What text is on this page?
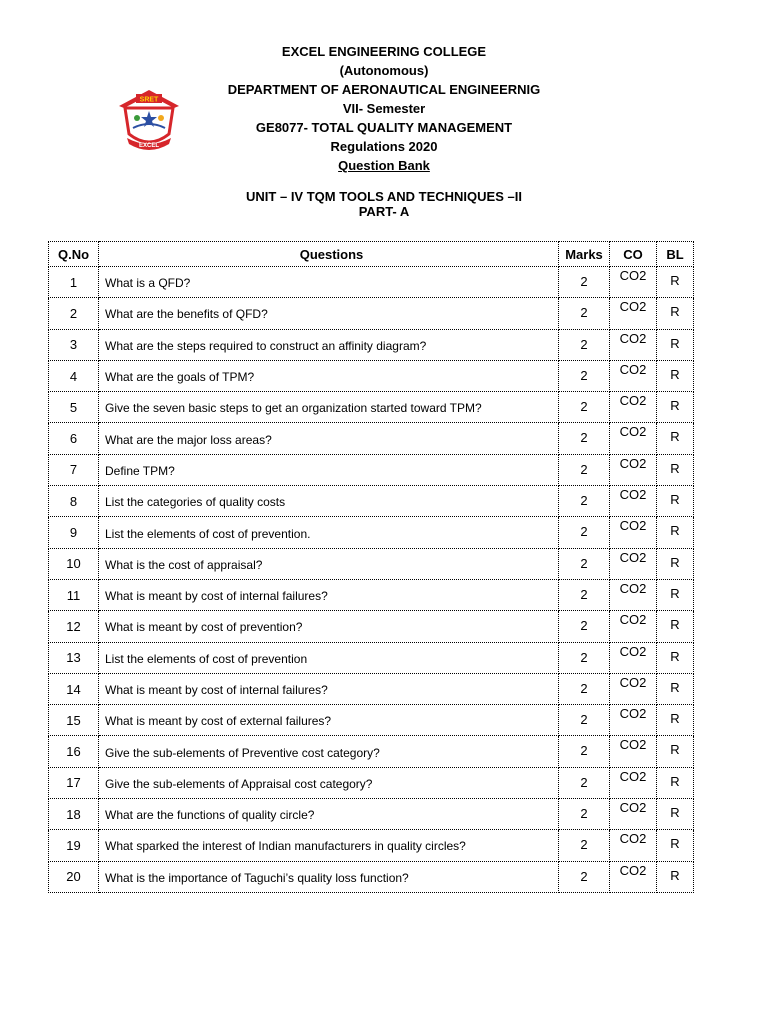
EXCEL ENGINEERING COLLEGE
(Autonomous)
DEPARTMENT OF AERONAUTICAL ENGINEERNIG
VII- Semester
GE8077- TOTAL QUALITY MANAGEMENT
Regulations 2020
Question Bank
SRET
EXCEL
UNIT – IV TQM TOOLS AND TECHNIQUES –II
PART- A
Q.No	Questions	Marks	CO	BL
1	What is a QFD?	2	CO2	R
2	What are the benefits of QFD?	2	CO2	R
3	What are the steps required to construct an affinity diagram?	2	CO2	R
4	What are the goals of TPM?	2	CO2	R
5	Give the seven basic steps to get an organization started toward TPM?	2	CO2	R
6	What are the major loss areas?	2	CO2	R
7	Define TPM?	2	CO2	R
8	List the categories of quality costs	2	CO2	R
9	List the elements of cost of prevention.	2	CO2	R
10	What is the cost of appraisal?	2	CO2	R
11	What is meant by cost of internal failures?	2	CO2	R
12	What is meant by cost of prevention?	2	CO2	R
13	List the elements of cost of prevention	2	CO2	R
14	What is meant by cost of internal failures?	2	CO2	R
15	What is meant by cost of external failures?	2	CO2	R
16	Give the sub-elements of Preventive cost category?	2	CO2	R
17	Give the sub-elements of Appraisal cost category?	2	CO2	R
18	What are the functions of quality circle?	2	CO2	R
19	What sparked the interest of Indian manufacturers in quality circles?	2	CO2	R
20	What is the importance of Taguchi’s quality loss function?	2	CO2	R
